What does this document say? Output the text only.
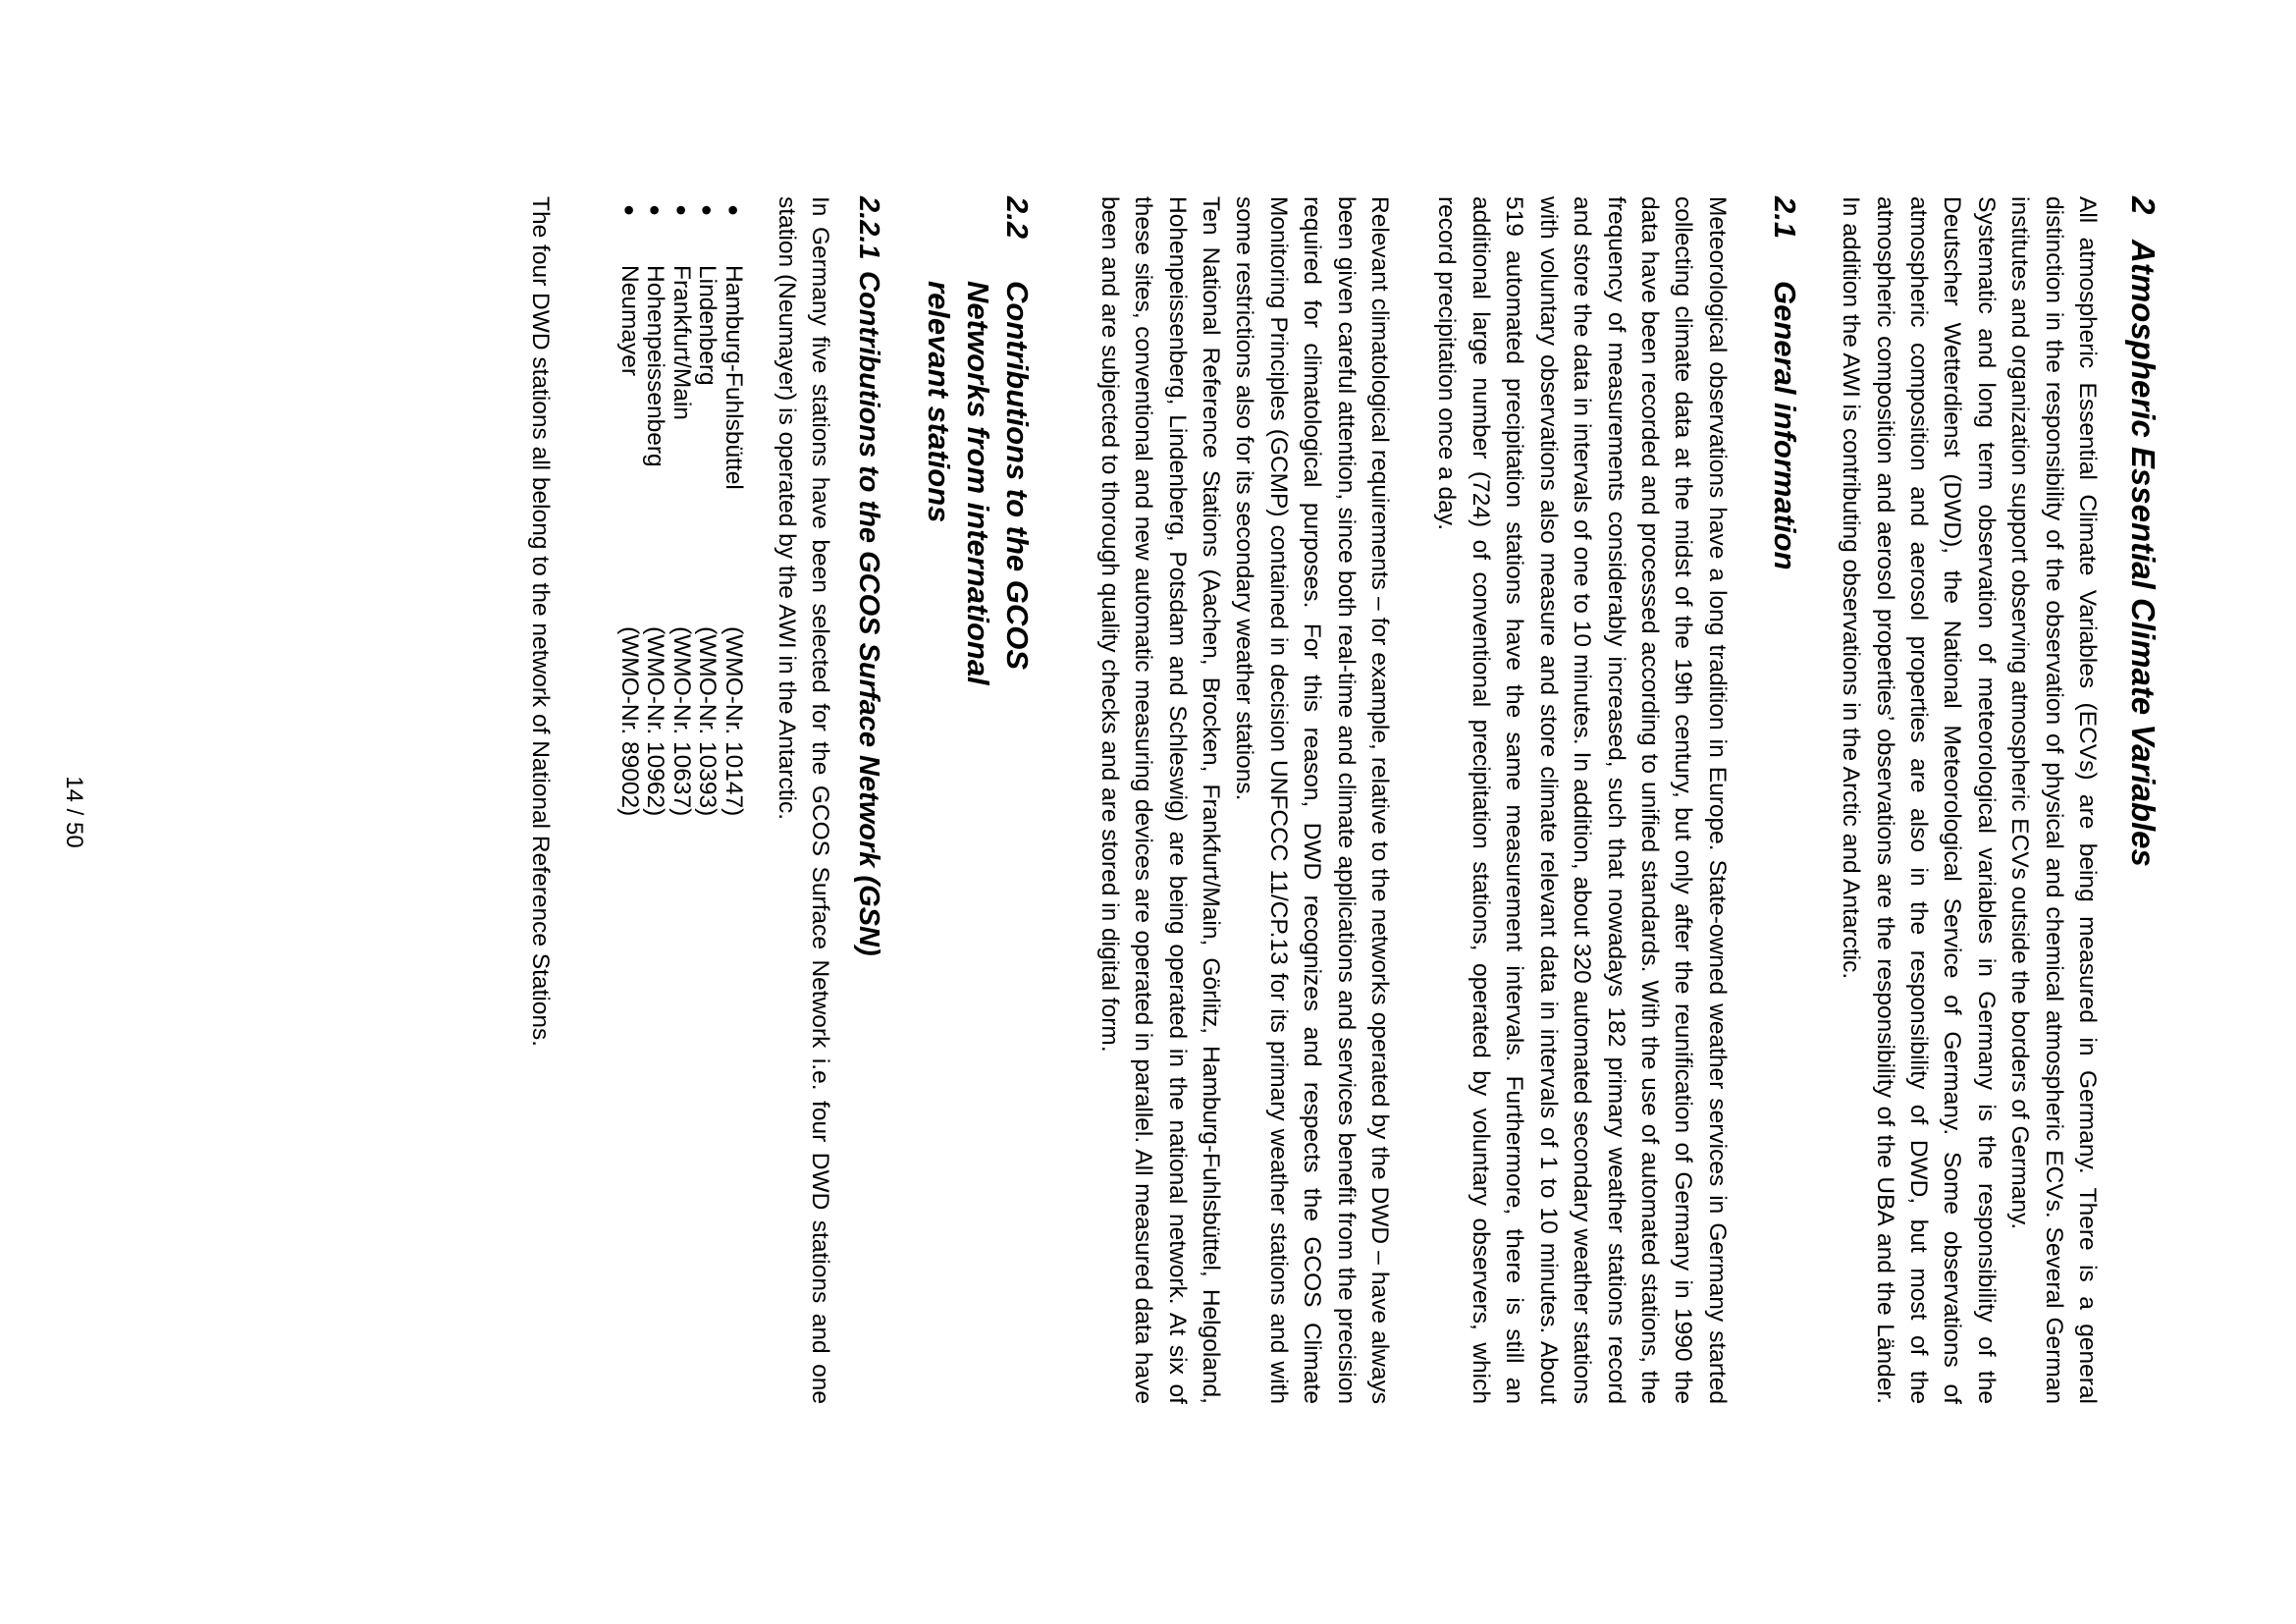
2
Atmospheric Essential Climate Variables

All atmospheric Essential Climate Variables (ECVs) are being measured in Germany. There is a general distinction in the responsibility of the observation of physical and chemical atmospheric ECVs. Several German institutes and organization support observing atmospheric ECVs outside the borders of Germany.

Systematic and long term observation of meteorological variables in Germany is the responsibility of the Deutscher Wetterdienst (DWD), the National Meteorological Service of Germany. Some observations of atmospheric composition and aerosol properties are also in the responsibility of DWD, but most of the atmospheric composition and aerosol properties’ observations are the responsibility of the UBA and the Länder. In addition the AWI is contributing observations in the Arctic and Antarctic.

2.1
General information

Meteorological observations have a long tradition in Europe. State-owned weather services in Germany started collecting climate data at the midst of the 19th century, but only after the reunification of Germany in 1990 the data have been recorded and processed according to unified standards. With the use of automated stations, the frequency of measurements considerably increased, such that nowadays 182 primary weather stations record and store the data in intervals of one to 10 minutes. In addition, about 320 automated secondary weather stations with voluntary observations also measure and store climate relevant data in intervals of 1 to 10 minutes. About 519 automated precipitation stations have the same measurement intervals. Furthermore, there is still an additional large number (724) of conventional precipitation stations, operated by voluntary observers, which record precipitation once a day.

Relevant climatological requirements – for example, relative to the networks operated by the DWD – have always been given careful attention, since both real-time and climate applications and services benefit from the precision required for climatological purposes. For this reason, DWD recognizes and respects the GCOS Climate Monitoring Principles (GCMP) contained in decision UNFCCC 11/CP.13 for its primary weather stations and with some restrictions also for its secondary weather stations.

Ten National Reference Stations (Aachen, Brocken, Frankfurt/Main, Görlitz, Hamburg-Fuhlsbüttel, Helgoland, Hohenpeissenberg, Lindenberg, Potsdam and Schleswig) are being operated in the national network. At six of these sites, conventional and new automatic measuring devices are operated in parallel. All measured data have been and are subjected to thorough quality checks and are stored in digital form.

2.2
Contributions to the GCOS Networks from international relevant stations
2.2.1
Contributions to the GCOS Surface Network (GSN)

In Germany five stations have been selected for the GCOS Surface Network i.e. four DWD stations and one station (Neumayer) is operated by the AWI in the Antarctic.

●
Hamburg-Fuhlsbüttel
(WMO-Nr. 10147)
●
Lindenberg
(WMO-Nr. 10393)
●
Frankfurt/Main
(WMO-Nr. 10637)
●
Hohenpeissenberg
(WMO-Nr. 10962)
●
Neumayer
(WMO-Nr. 89002)

The four DWD stations all belong to the network of National Reference Stations.

14 / 50
